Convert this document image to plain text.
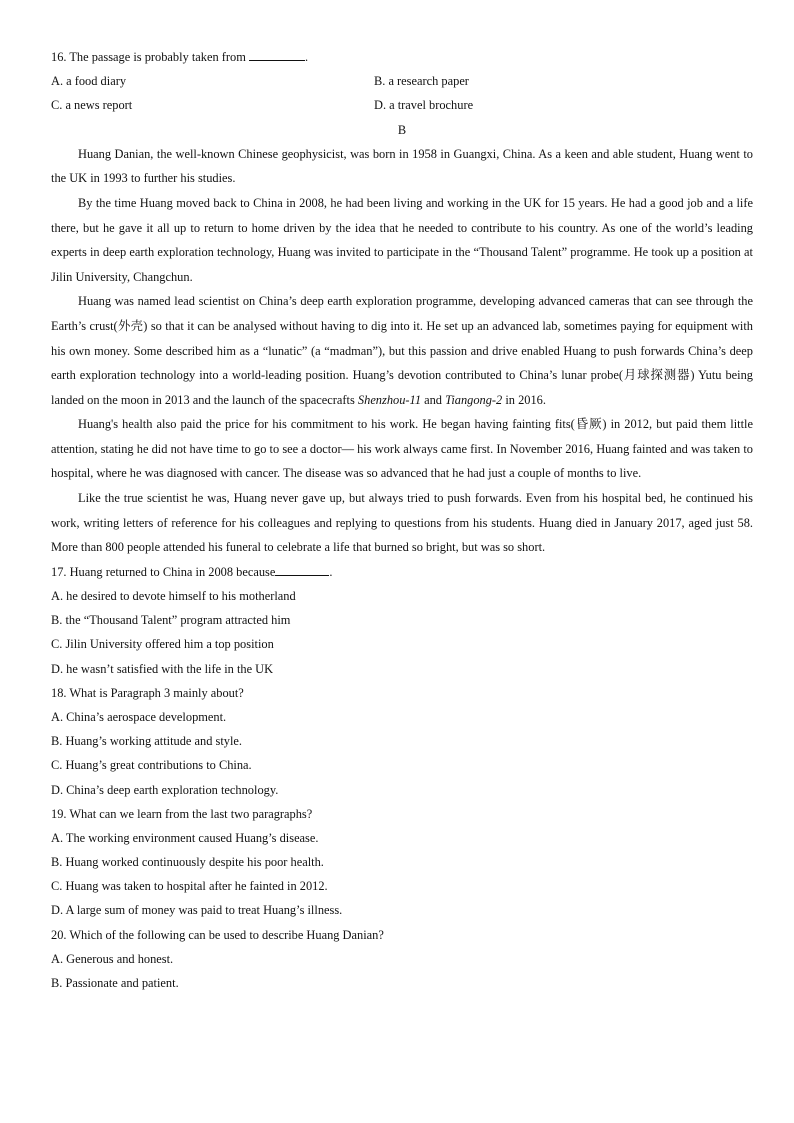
16. The passage is probably taken from	.
A. a food diary	B. a research paper
C. a news report	D. a travel brochure
B

Huang Danian, the well-known Chinese geophysicist, was born in 1958 in Guangxi, China. As a keen and able student, Huang went to the UK in 1993 to further his studies.

By the time Huang moved back to China in 2008, he had been living and working in the UK for 15 years. He had a good job and a life there, but he gave it all up to return to home driven by the idea that he needed to contribute to his country. As one of the world’s leading experts in deep earth exploration technology, Huang was invited to participate in the “Thousand Talent” programme. He took up a position at Jilin University, Changchun.

Huang was named lead scientist on China’s deep earth exploration programme, developing advanced cameras that can see through the Earth’s crust(外壳) so that it can be analysed without having to dig into it. He set up an advanced lab, sometimes paying for equipment with his own money. Some described him as a “lunatic” (a “madman”), but this passion and drive enabled Huang to push forwards China’s deep earth exploration technology into a world-leading position. Huang’s devotion contributed to China’s lunar probe(月球探测器) Yutu being landed on the moon in 2013 and the launch of the spacecrafts Shenzhou-11 and Tiangong-2 in 2016.

Huang's health also paid the price for his commitment to his work. He began having fainting fits(昏厥) in 2012, but paid them little attention, stating he did not have time to go to see a doctor— his work always came first. In November 2016, Huang fainted and was taken to hospital, where he was diagnosed with cancer. The disease was so advanced that he had just a couple of months to live.

Like the true scientist he was, Huang never gave up, but always tried to push forwards. Even from his hospital bed, he continued his work, writing letters of reference for his colleagues and replying to questions from his students. Huang died in January 2017, aged just 58. More than 800 people attended his funeral to celebrate a life that burned so bright, but was so short.

17. Huang returned to China in 2008 because	.
A. he desired to devote himself to his motherland
B. the “Thousand Talent” program attracted him
C. Jilin University offered him a top position
D. he wasn’t satisfied with the life in the UK
18. What is Paragraph 3 mainly about?
A. China’s aerospace development.
B. Huang’s working attitude and style.
C. Huang’s great contributions to China.
D. China’s deep earth exploration technology.
19. What can we learn from the last two paragraphs?
A. The working environment caused Huang’s disease.
B. Huang worked continuously despite his poor health.
C. Huang was taken to hospital after he fainted in 2012.
D. A large sum of money was paid to treat Huang’s illness.
20. Which of the following can be used to describe Huang Danian?
A. Generous and honest.
B. Passionate and patient.
